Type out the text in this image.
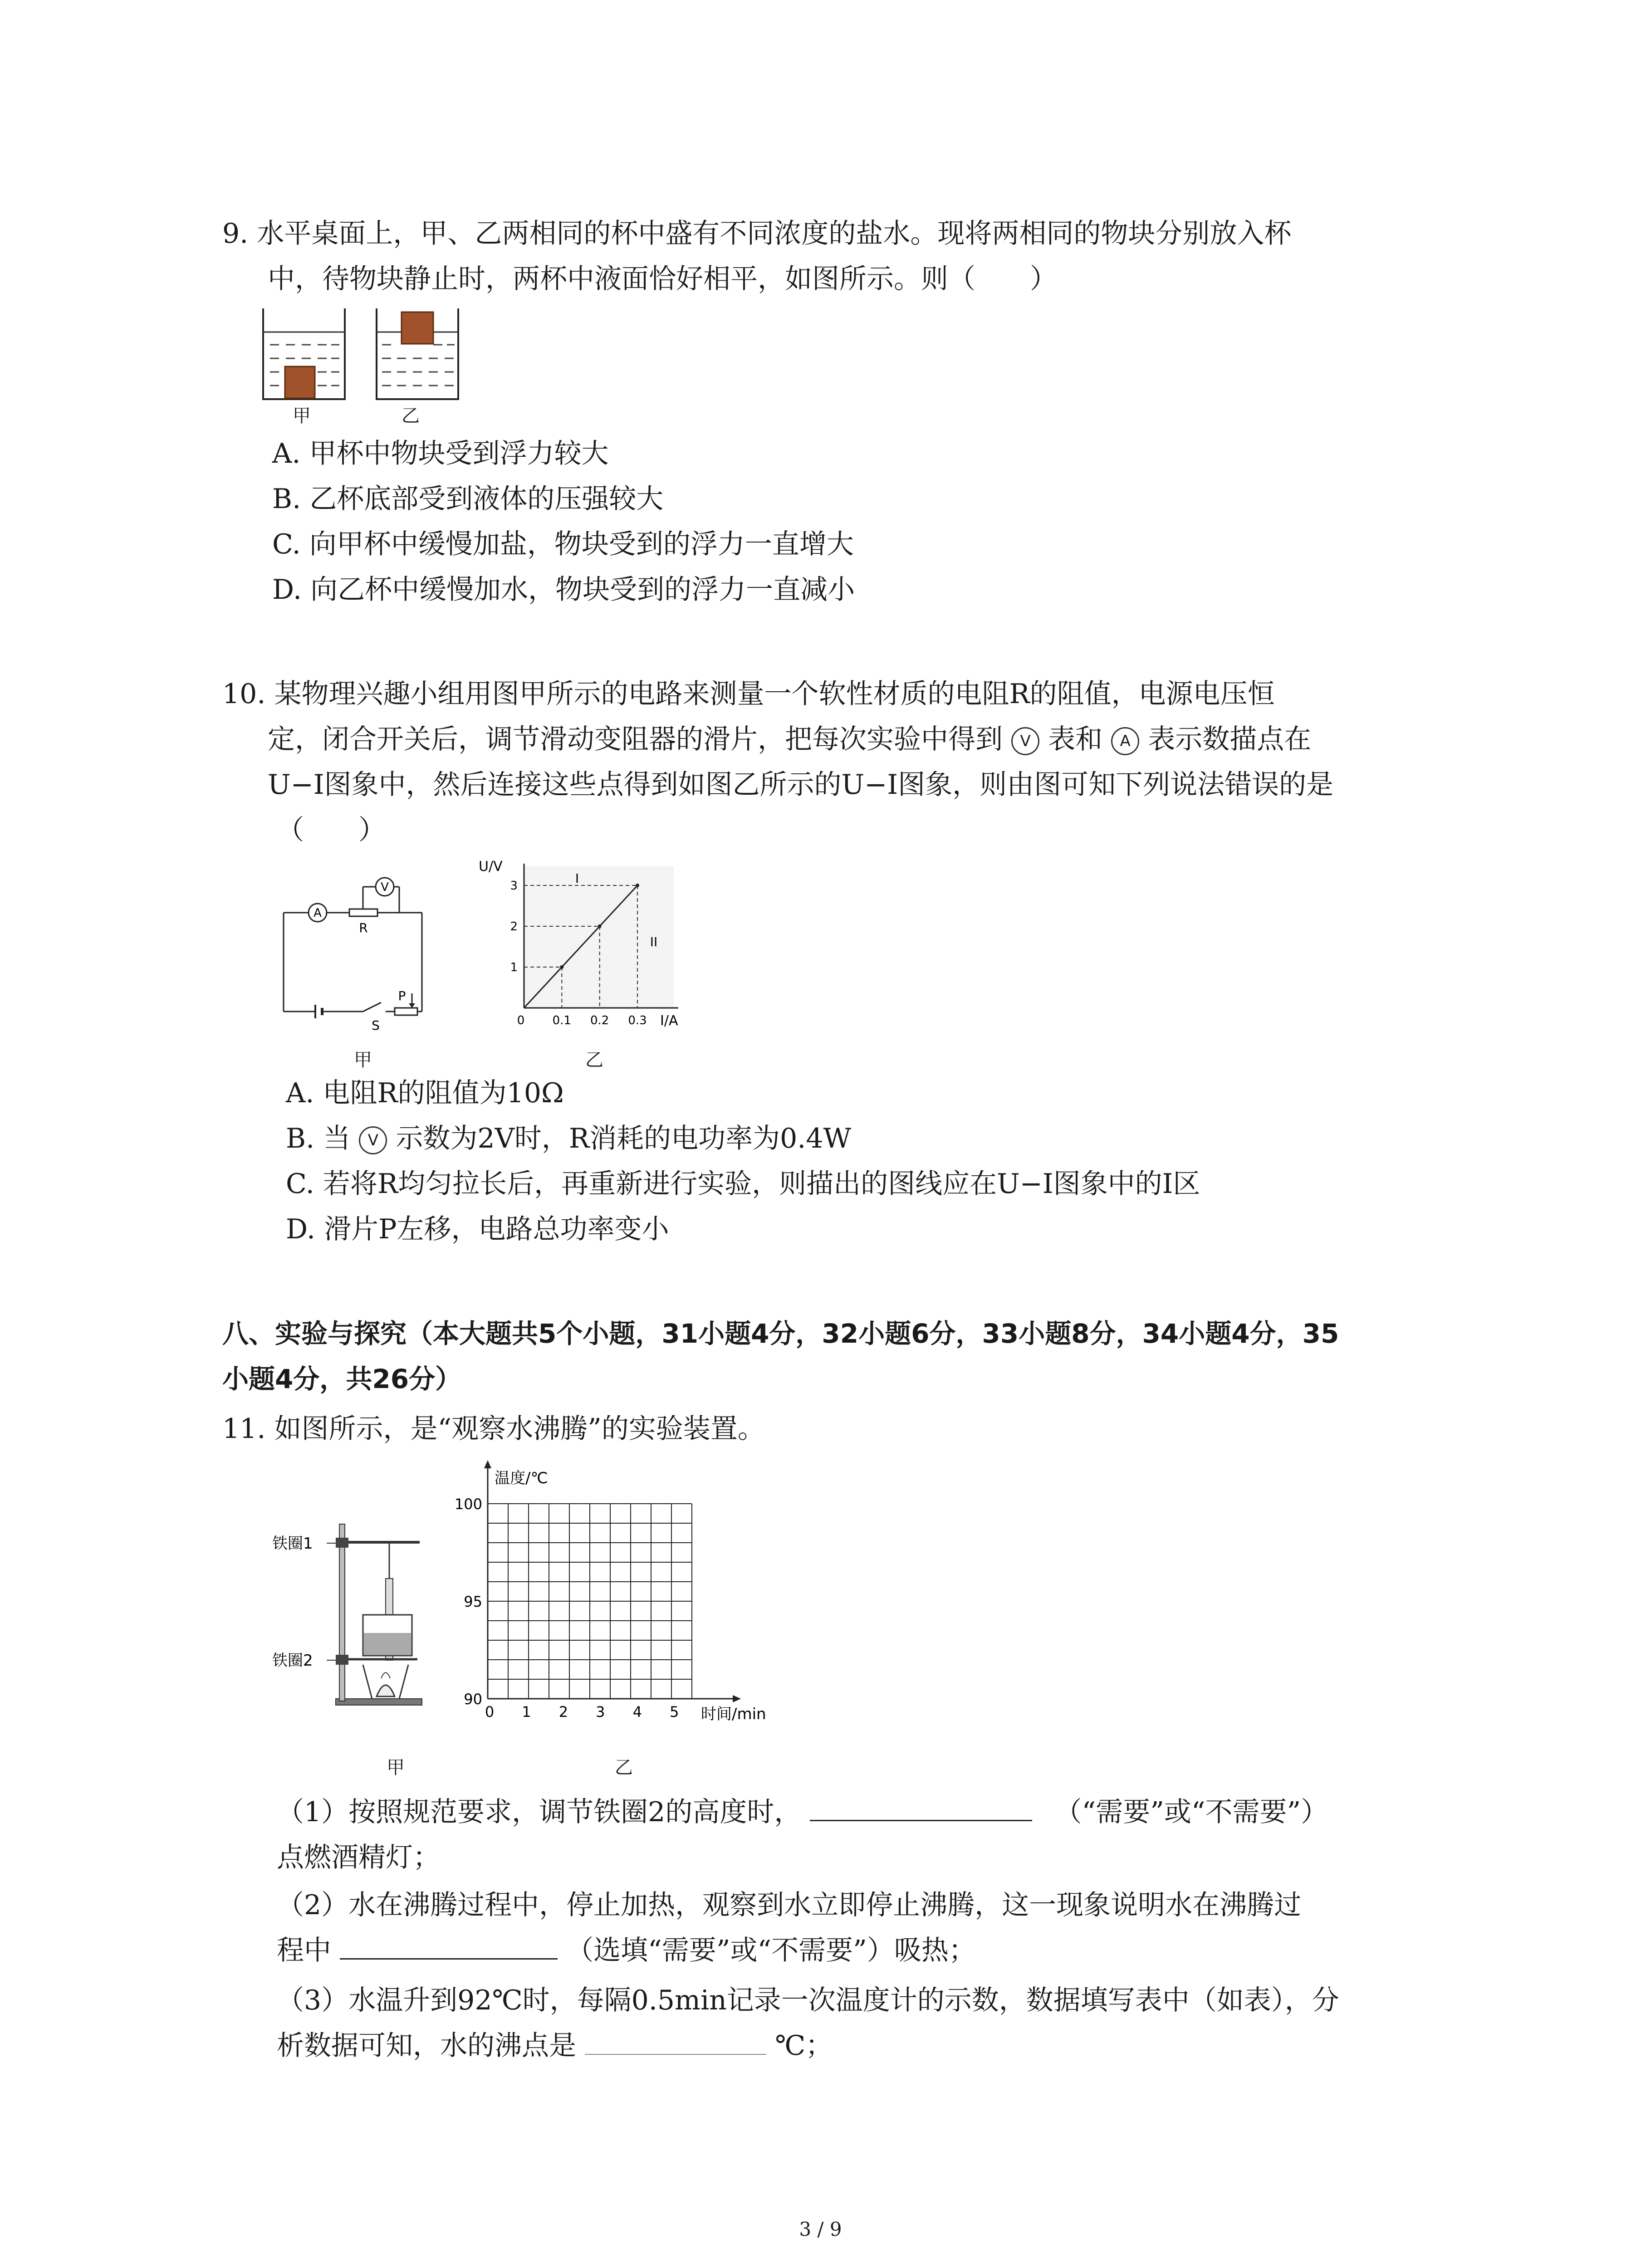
9. 水平桌面上，甲、乙两相同的杯中盛有不同浓度的盐水。现将两相同的物块分别放入杯
中，待物块静止时，两杯中液面恰好相平，如图所示。则（　　）
甲	乙
A. 甲杯中物块受到浮力较大
B. 乙杯底部受到液体的压强较大
C. 向甲杯中缓慢加盐，物块受到的浮力一直增大
D. 向乙杯中缓慢加水，物块受到的浮力一直减小
10. 某物理兴趣小组用图甲所示的电路来测量一个软性材质的电阻R的阻值，电源电压恒
定，闭合开关后，调节滑动变阻器的滑片，把每次实验中得到 V 表和 A 表示数描点在
U−I图象中，然后连接这些点得到如图乙所示的U−I图象，则由图可知下列说法错误的是
（　　）
V
A
R
P
S
甲
1
2
3
0.1 0.2 0.3
U/V
I/A
0
I
II
乙
A. 电阻R的阻值为10Ω
B. 当 V 示数为2V时，R消耗的电功率为0.4W
C. 若将R均匀拉长后，再重新进行实验，则描出的图线应在U−I图象中的Ⅰ区
D. 滑片P左移，电路总功率变小
八、实验与探究（本大题共5个小题，31小题4分，32小题6分，33小题8分，34小题4分，35
小题4分，共26分）
11. 如图所示，是“观察水沸腾”的实验装置。
铁圈1
铁圈2
甲
90
95
100
0 1 2 3 4 5
温度/℃
时间/min
乙
（1）按照规范要求，调节铁圈2的高度时，	（“需要”或“不需要”）
点燃酒精灯；
（2）水在沸腾过程中，停止加热，观察到水立即停止沸腾，这一现象说明水在沸腾过
程中	（选填“需要”或“不需要”）吸热；
（3）水温升到92℃时，每隔0.5min记录一次温度计的示数，数据填写表中（如表），分
析数据可知，水的沸点是	℃；
3 / 9
